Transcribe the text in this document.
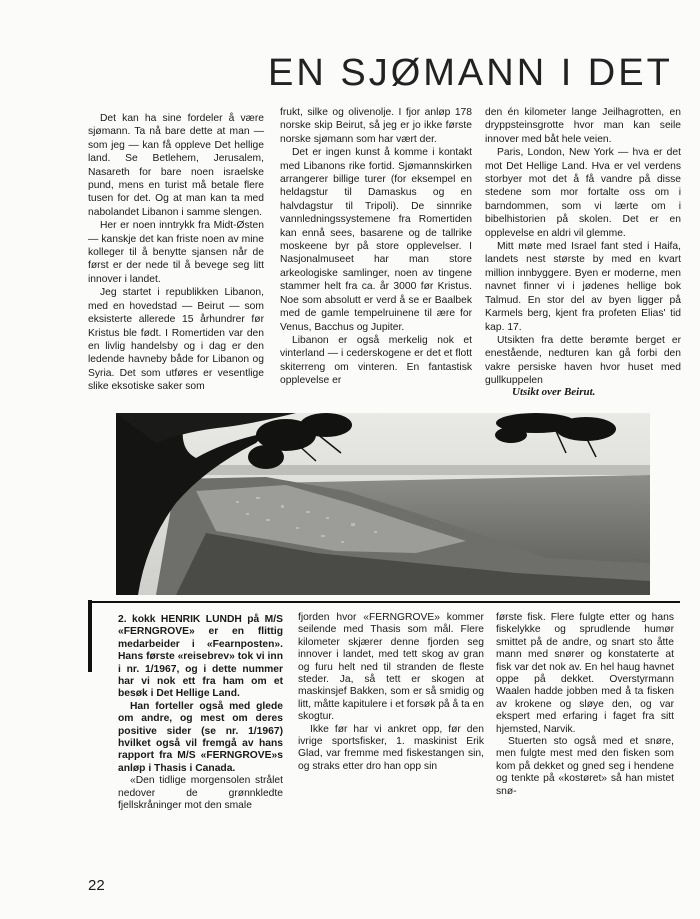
EN SJØMANN I DET

Det kan ha sine fordeler å være sjømann. Ta nå bare dette at man — som jeg — kan få oppleve Det hellige land. Se Betlehem, Jerusalem, Nasareth for bare noen israelske pund, mens en turist må betale flere tusen for det. Og at man kan ta med nabolandet Libanon i samme slengen.

Her er noen inntrykk fra Midt-Østen — kanskje det kan friste noen av mine kolleger til å benytte sjansen når de først er der nede til å bevege seg litt innover i landet.

Jeg startet i republikken Libanon, med en hovedstad — Beirut — som eksisterte allerede 15 århundrer før Kristus ble født. I Romertiden var den en livlig handelsby og i dag er den ledende havneby både for Libanon og Syria. Det som utføres er vesentlige slike eksotiske saker som

frukt, silke og olivenolje. I fjor anløp 178 norske skip Beirut, så jeg er jo ikke første norske sjømann som har vært der.

Det er ingen kunst å komme i kontakt med Libanons rike fortid. Sjømannskirken arrangerer billige turer (for eksempel en heldagstur til Damaskus og en halvdagstur til Tripoli). De sinnrike vannledningssystemene fra Romertiden kan ennå sees, basarene og de tallrike moskeene byr på store opplevelser. I Nasjonalmuseet har man store arkeologiske samlinger, noen av tingene stammer helt fra ca. år 3000 før Kristus. Noe som absolutt er verd å se er Baalbek med de gamle tempelruinene til ære for Venus, Bacchus og Jupiter.

Libanon er også merkelig nok et vinterland — i cederskogene er det et flott skiterreng om vinteren. En fantastisk opplevelse er

den én kilometer lange Jeilhagrotten, en dryppsteinsgrotte hvor man kan seile innover med båt hele veien.

Paris, London, New York — hva er det mot Det Hellige Land. Hva er vel verdens storbyer mot det å få vandre på disse stedene som mor fortalte oss om i barndommen, som vi lærte om i bibelhistorien på skolen. Det er en opplevelse en aldri vil glemme.

Mitt møte med Israel fant sted i Haifa, landets nest største by med en kvart million innbyggere. Byen er moderne, men navnet finner vi i jødenes hellige bok Talmud. En stor del av byen ligger på Karmels berg, kjent fra profeten Elias' tid kap. 17.

Utsikten fra dette berømte berget er enestående, nedturen kan gå forbi den vakre persiske haven hvor huset med gullkuppelen

Utsikt over Beirut.

2. kokk HENRIK LUNDH på M/S «FERNGROVE» er en flittig medarbeider i «Fearnposten». Hans første «reisebrev» tok vi inn i nr. 1/1967, og i dette nummer har vi nok ett fra ham om et besøk i Det Hellige Land.

Han forteller også med glede om andre, og mest om deres positive sider (se nr. 1/1967) hvilket også vil fremgå av hans rapport fra M/S «FERNGROVE»s anløp i Thasis i Canada.

«Den tidlige morgensolen strålet nedover de grønnkledte fjellskråninger mot den smale

fjorden hvor «FERNGROVE» kommer seilende med Thasis som mål. Flere kilometer skjærer denne fjorden seg innover i landet, med tett skog av gran og furu helt ned til stranden de fleste steder. Ja, så tett er skogen at maskinsjef Bakken, som er så smidig og litt, måtte kapitulere i et forsøk på å ta en skogtur.

Ikke før har vi ankret opp, før den ivrige sportsfisker, 1. maskinist Erik Glad, var fremme med fiskestangen sin, og straks etter dro han opp sin

første fisk. Flere fulgte etter og hans fiskelykke og sprudlende humør smittet på de andre, og snart sto åtte mann med snører og konstaterte at fisk var det nok av. En hel haug havnet oppe på dekket. Overstyrmann Waalen hadde jobben med å ta fisken av krokene og sløye den, og var ekspert med erfaring i faget fra sitt hjemsted, Narvik.

Stuerten sto også med et snøre, men fulgte mest med den fisken som kom på dekket og gned seg i hendene og tenkte på «kostøret» så han mistet snø-

22
